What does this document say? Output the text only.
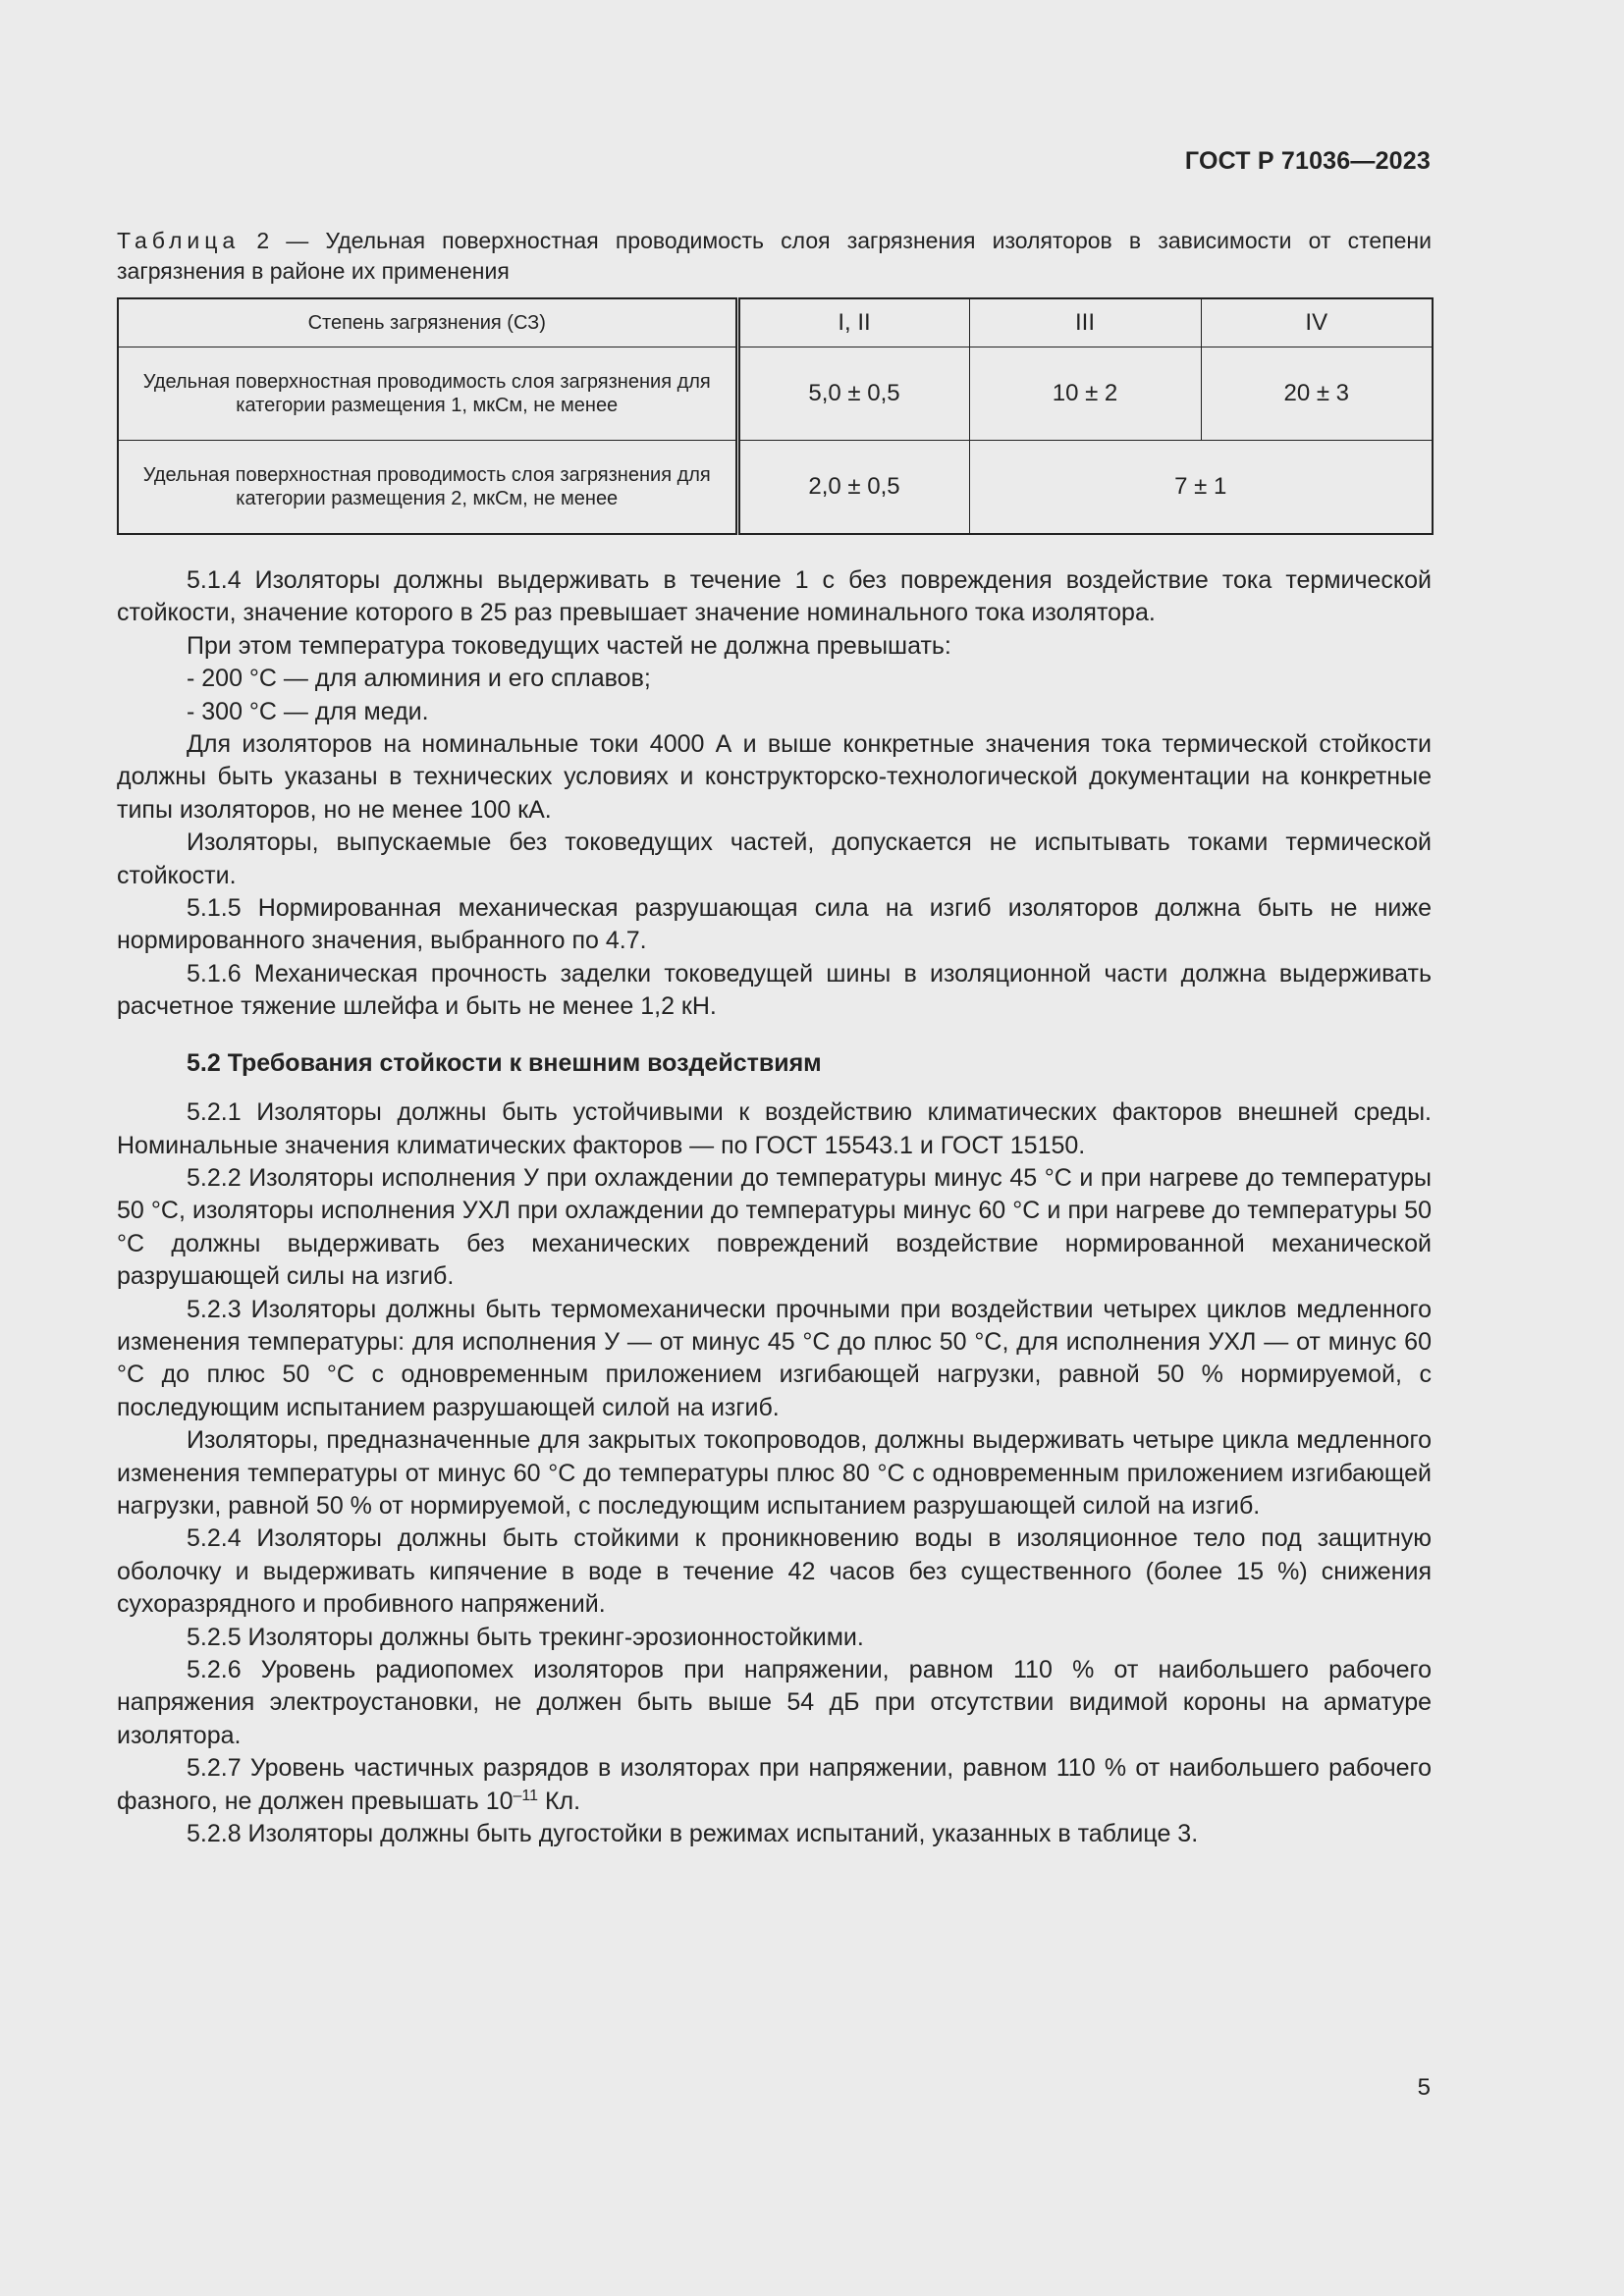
ГОСТ Р 71036—2023
Таблица 2 — Удельная поверхностная проводимость слоя загрязнения изоляторов в зависимости от степени загрязнения в районе их применения
Степень загрязнения (СЗ)	I, II	III	IV
Удельная поверхностная проводимость слоя загрязнения для категории размещения 1, мкСм, не менее	5,0 ± 0,5	10 ± 2	20 ± 3
Удельная поверхностная проводимость слоя загрязнения для категории размещения 2, мкСм, не менее	2,0 ± 0,5	7 ± 1	

5.1.4 Изоляторы должны выдерживать в течение 1 с без повреждения воздействие тока термической стойкости, значение которого в 25 раз превышает значение номинального тока изолятора.

При этом температура токоведущих частей не должна превышать:

- 200 °С — для алюминия и его сплавов;

- 300 °С — для меди.

Для изоляторов на номинальные токи 4000 А и выше конкретные значения тока термической стойкости должны быть указаны в технических условиях и конструкторско-технологической документации на конкретные типы изоляторов, но не менее 100 кА.

Изоляторы, выпускаемые без токоведущих частей, допускается не испытывать токами термической стойкости.

5.1.5 Нормированная механическая разрушающая сила на изгиб изоляторов должна быть не ниже нормированного значения, выбранного по 4.7.

5.1.6 Механическая прочность заделки токоведущей шины в изоляционной части должна выдерживать расчетное тяжение шлейфа и быть не менее 1,2 кН.

5.2 Требования стойкости к внешним воздействиям

5.2.1 Изоляторы должны быть устойчивыми к воздействию климатических факторов внешней среды. Номинальные значения климатических факторов — по ГОСТ 15543.1 и ГОСТ 15150.

5.2.2 Изоляторы исполнения У при охлаждении до температуры минус 45 °С и при нагреве до температуры 50 °С, изоляторы исполнения УХЛ при охлаждении до температуры минус 60 °С и при нагреве до температуры 50 °С должны выдерживать без механических повреждений воздействие нормированной механической разрушающей силы на изгиб.

5.2.3 Изоляторы должны быть термомеханически прочными при воздействии четырех циклов медленного изменения температуры: для исполнения У — от минус 45 °С до плюс 50 °С, для исполнения УХЛ — от минус 60 °С до плюс 50 °С с одновременным приложением изгибающей нагрузки, равной 50 % нормируемой, с последующим испытанием разрушающей силой на изгиб.

Изоляторы, предназначенные для закрытых токопроводов, должны выдерживать четыре цикла медленного изменения температуры от минус 60 °С до температуры плюс 80 °С с одновременным приложением изгибающей нагрузки, равной 50 % от нормируемой, с последующим испытанием разрушающей силой на изгиб.

5.2.4 Изоляторы должны быть стойкими к проникновению воды в изоляционное тело под защитную оболочку и выдерживать кипячение в воде в течение 42 часов без существенного (более 15 %) снижения сухоразрядного и пробивного напряжений.

5.2.5 Изоляторы должны быть трекинг-эрозионностойкими.

5.2.6 Уровень радиопомех изоляторов при напряжении, равном 110 % от наибольшего рабочего напряжения электроустановки, не должен быть выше 54 дБ при отсутствии видимой короны на арматуре изолятора.

5.2.7 Уровень частичных разрядов в изоляторах при напряжении, равном 110 % от наибольшего рабочего фазного, не должен превышать $10^{-11}$ Кл.

5.2.8 Изоляторы должны быть дугостойки в режимах испытаний, указанных в таблице 3.

5
